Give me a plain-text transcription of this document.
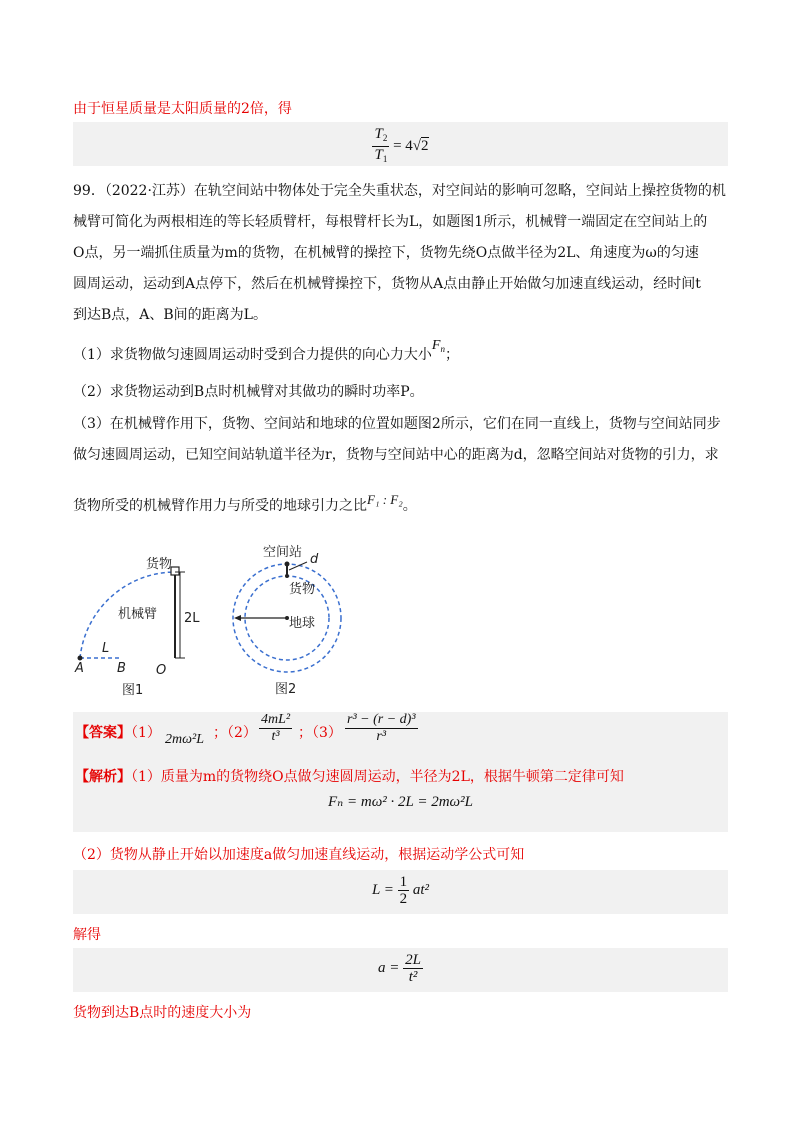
由于恒星质量是太阳质量的2倍，得
$\frac{T_2}{T_1} = 4√2$
99．（2022·江苏）在轨空间站中物体处于完全失重状态，对空间站的影响可忽略，空间站上操控货物的机
械臂可简化为两根相连的等长轻质臂杆，每根臂杆长为L，如题图1所示，机械臂一端固定在空间站上的
O点，另一端抓住质量为m的货物，在机械臂的操控下，货物先绕O点做半径为2L、角速度为ω的匀速
圆周运动，运动到A点停下，然后在机械臂操控下，货物从A点由静止开始做匀加速直线运动，经时间t
到达B点，A、B间的距离为L。
（1）求货物做匀速圆周运动时受到合力提供的向心力大小$F^n$；
（2）求货物运动到B点时机械臂对其做功的瞬时功率P。
（3）在机械臂作用下，货物、空间站和地球的位置如题图2所示，它们在同一直线上，货物与空间站同步
做匀速圆周运动，已知空间站轨道半径为r，货物与空间站中心的距离为d，忽略空间站对货物的引力，求
货物所受的机械臂作用力与所受的地球引力之比F₁ : F₂。
货物
机械臂 2L
L
A	B O
图1
空间站 d
货物
地球
图2
【答案】（1） 2mω²L ；$(2) \frac{\text{4mL²}}{\text{t³}}$ ；$(3) \frac{\text{r³ − (r − d)³}}{\text{r³}}$
【解析】（1）质量为m的货物绕O点做匀速圆周运动，半径为2L，根据牛顿第二定律可知
Fₙ = mω² · 2L = 2mω²L
（2）货物从静止开始以加速度a做匀加速直线运动，根据运动学公式可知
$L = \frac{1}{2} at^2$
解得
$a = \frac{2L}{\text{t²}}$
货物到达B点时的速度大小为
